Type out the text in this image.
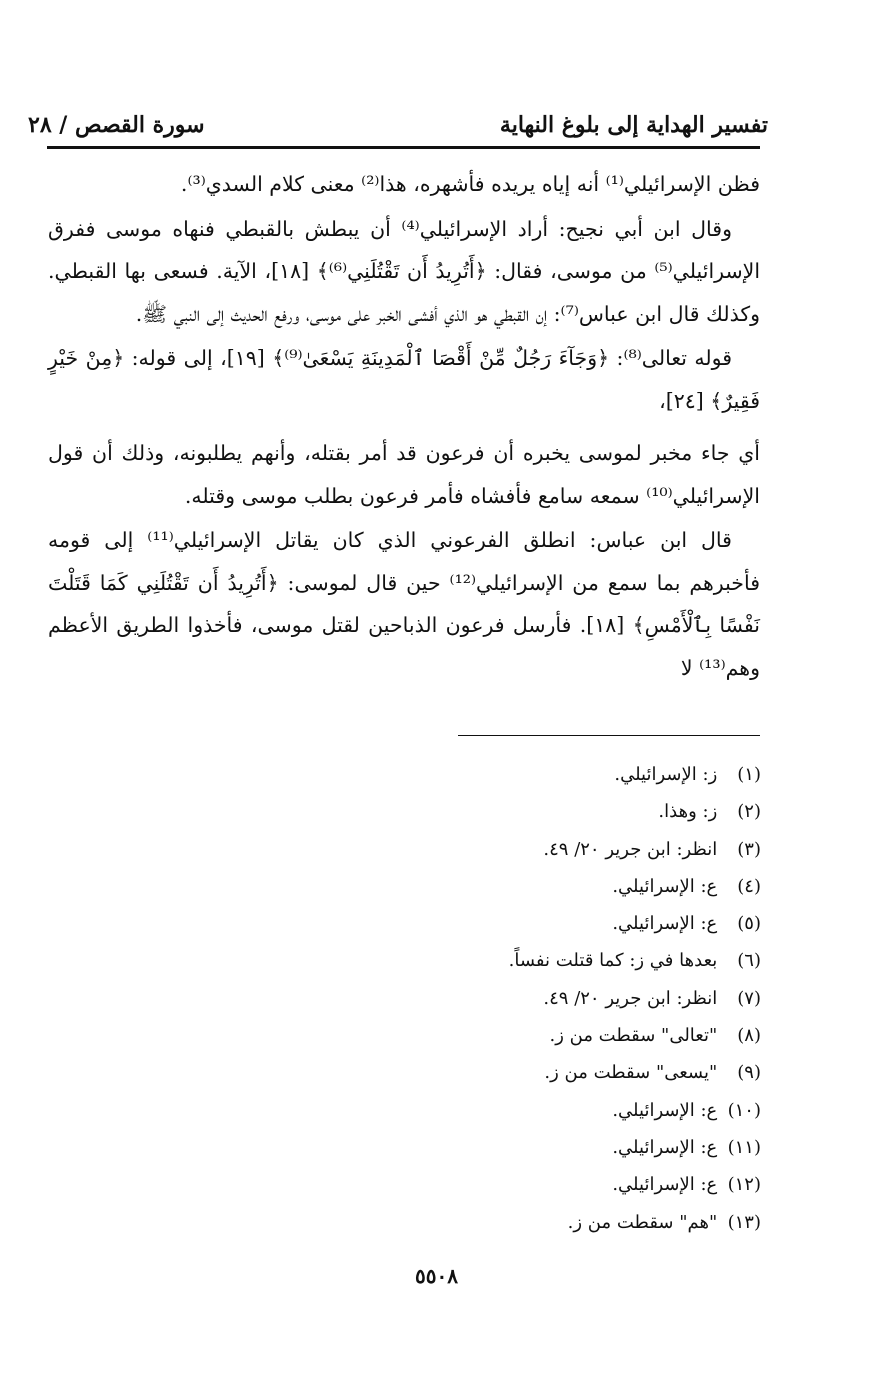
تفسير الهداية إلى بلوغ النهاية
سورة القصص / ٢٨

فظن الإسرائيلي⁽¹⁾ أنه إياه يريده فأشهره، هذا⁽²⁾ معنى كلام السدي⁽³⁾.

وقال ابن أبي نجيح: أراد الإسرائيلي⁽⁴⁾ أن يبطش بالقبطي فنهاه موسى ففرق الإسرائيلي⁽⁵⁾ من موسى، فقال: ﴿أَتُرِيدُ أَن تَقْتُلَنِي⁽⁶⁾﴾ [١٨]، الآية. فسعى بها القبطي. وكذلك قال ابن عباس⁽⁷⁾: إن القبطي هو الذي أفشى الخبر على موسى، ورفع الحديث إلى النبي ﷺ.

قوله تعالى⁽⁸⁾: ﴿وَجَآءَ رَجُلٌ مِّنْ أَقْصَا ٱلْمَدِينَةِ يَسْعَىٰ⁽⁹⁾﴾ [١٩]، إلى قوله: ﴿مِنْ خَيْرٍ فَقِيرٌ﴾ [٢٤]،

أي جاء مخبر لموسى يخبره أن فرعون قد أمر بقتله، وأنهم يطلبونه، وذلك أن قول الإسرائيلي⁽¹⁰⁾ سمعه سامع فأفشاه فأمر فرعون بطلب موسى وقتله.

قال ابن عباس: انطلق الفرعوني الذي كان يقاتل الإسرائيلي⁽¹¹⁾ إلى قومه فأخبرهم بما سمع من الإسرائيلي⁽¹²⁾ حين قال لموسى: ﴿أَتُرِيدُ أَن تَقْتُلَنِي كَمَا قَتَلْتَ نَفْسًا بِٱلْأَمْسِ﴾ [١٨]. فأرسل فرعون الذباحين لقتل موسى، فأخذوا الطريق الأعظم وهم⁽¹³⁾ لا

(١) ز: الإسرائيلي.
(٢) ز: وهذا.
(٣) انظر: ابن جرير ٢٠/ ٤٩.
(٤) ع: الإسرائيلي.
(٥) ع: الإسرائيلي.
(٦) بعدها في ز: كما قتلت نفساً.
(٧) انظر: ابن جرير ٢٠/ ٤٩.
(٨) "تعالى" سقطت من ز.
(٩) "يسعى" سقطت من ز.
(١٠) ع: الإسرائيلي.
(١١) ع: الإسرائيلي.
(١٢) ع: الإسرائيلي.
(١٣) "هم" سقطت من ز.
٥٥٠٨
